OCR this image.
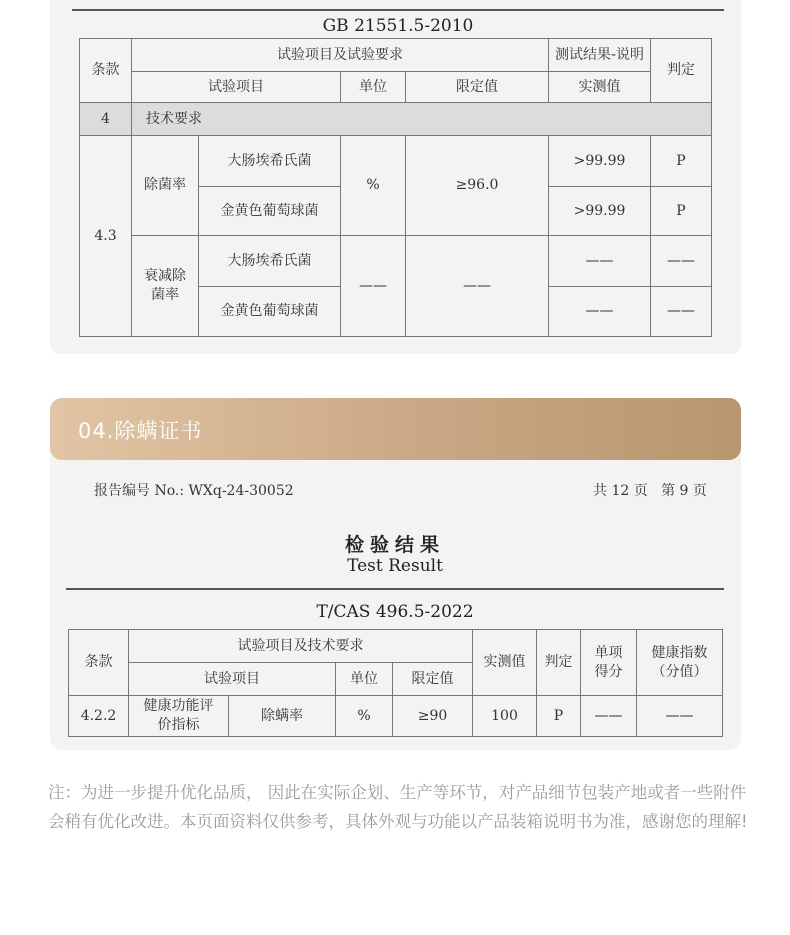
GB 21551.5-2010
条款	试验项目及试验要求				测试结果-说明	判定
	试验项目		单位	限定值	实测值	
4	技术要求					
4.3	除菌率	大肠埃希氏菌	%	≥96.0	>99.99	P
		金黄色葡萄球菌			>99.99	P
	衰减除菌率	大肠埃希氏菌	——	——	——	——
		金黄色葡萄球菌			——	——
04.除螨证书
报告编号 No.: WXq-24-30052	共 12 页   第 9 页
检验结果
Test Result
T/CAS 496.5-2022
条款	试验项目及技术要求				实测值	判定	单项得分	健康指数（分值）
	试验项目		单位	限定值				
4.2.2	健康功能评价指标	除螨率	%	≥90	100	P	——	——
注：为进一步提升优化品质， 因此在实际企划、生产等环节，对产品细节包装产地或者一些附件会稍有优化改进。本页面资料仅供参考，具体外观与功能以产品装箱说明书为准，感谢您的理解!
